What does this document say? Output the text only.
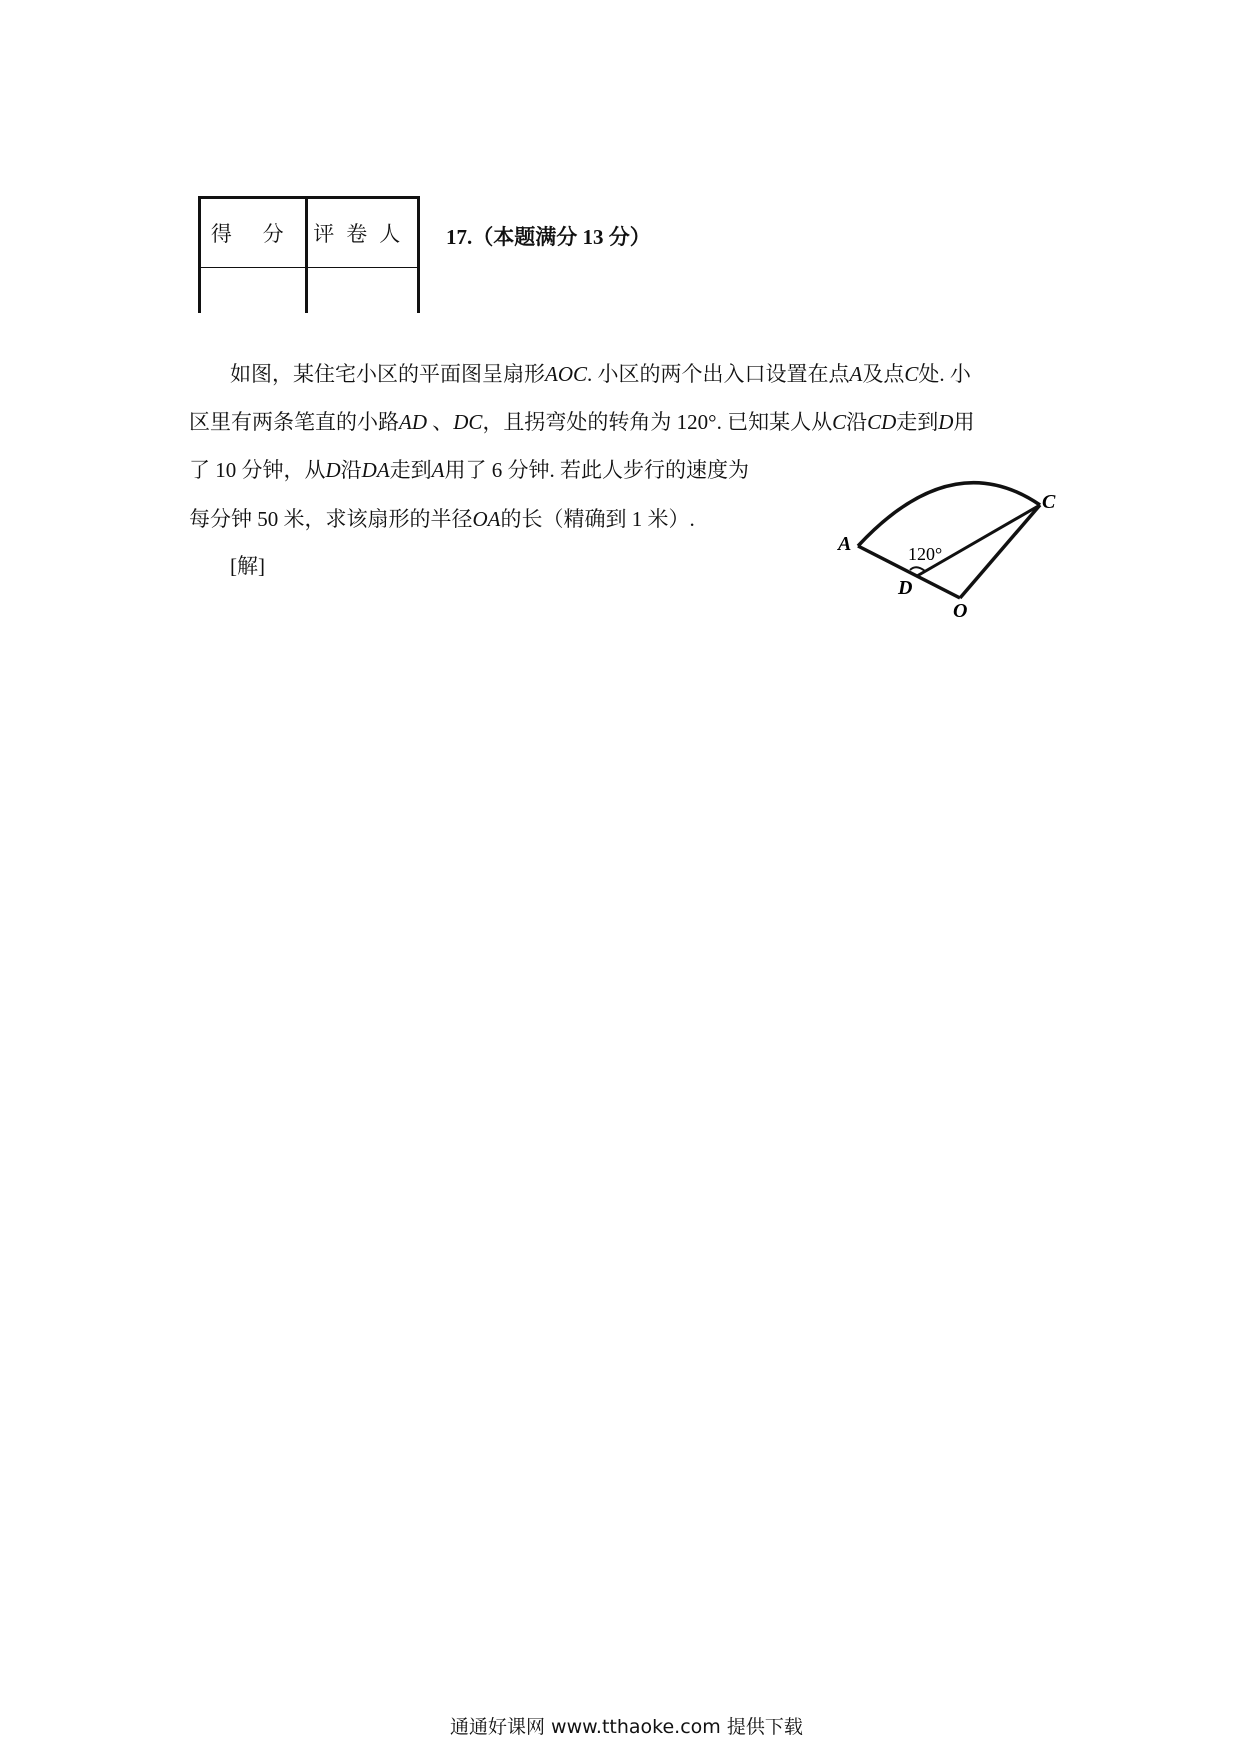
得 分	评卷人
	17.（本题满分 13 分）
如图，某住宅小区的平面图呈扇形AOC. 小区的两个出入口设置在点A及点C处. 小
区里有两条笔直的小路AD 、DC，且拐弯处的转角为 120°. 已知某人从C沿CD走到D用
了 10 分钟，从D沿DA走到A用了 6 分钟. 若此人步行的速度为
每分钟 50 米，求该扇形的半径OA的长（精确到 1 米）.
[解]
A
C
D
O
120°
通通好课网 www.tthaoke.com 提供下载
